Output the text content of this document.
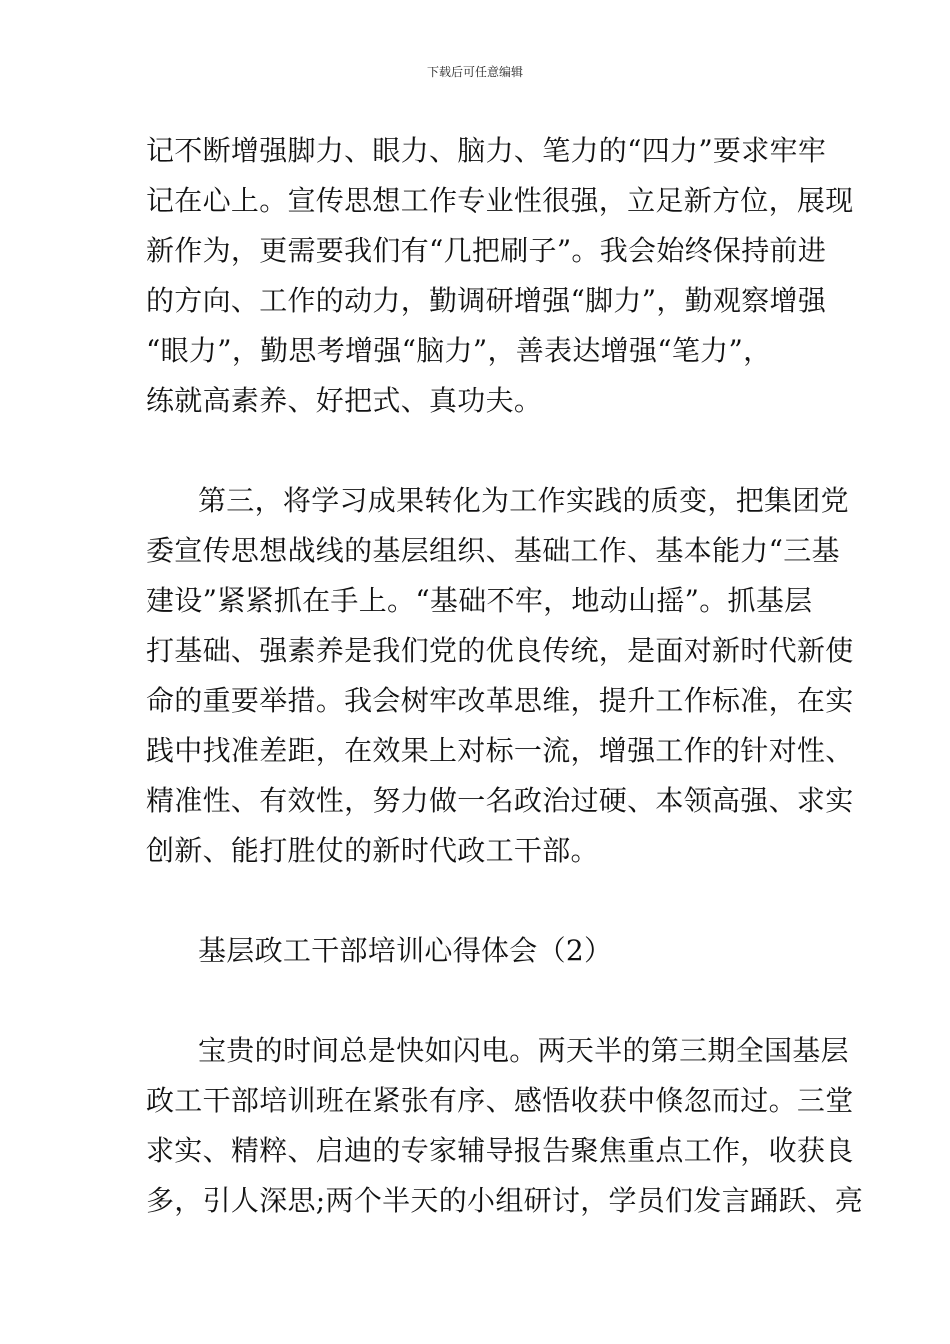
下载后可任意编辑
记不断增强脚力、眼力、脑力、笔力的“四力”要求牢牢
记在心上。宣传思想工作专业性很强，立足新方位，展现
新作为，更需要我们有“几把刷子”。我会始终保持前进
的方向、工作的动力，勤调研增强“脚力”，勤观察增强
“眼力”，勤思考增强“脑力”，善表达增强“笔力”，
练就高素养、好把式、真功夫。
第三，将学习成果转化为工作实践的质变，把集团党
委宣传思想战线的基层组织、基础工作、基本能力“三基
建设”紧紧抓在手上。“基础不牢，地动山摇”。抓基层
打基础、强素养是我们党的优良传统，是面对新时代新使
命的重要举措。我会树牢改革思维，提升工作标准，在实
践中找准差距，在效果上对标一流，增强工作的针对性、
精准性、有效性，努力做一名政治过硬、本领高强、求实
创新、能打胜仗的新时代政工干部。
基层政工干部培训心得体会（2）
宝贵的时间总是快如闪电。两天半的第三期全国基层
政工干部培训班在紧张有序、感悟收获中倏忽而过。三堂
求实、精粹、启迪的专家辅导报告聚焦重点工作，收获良
多，引人深思;两个半天的小组研讨，学员们发言踊跃、亮
